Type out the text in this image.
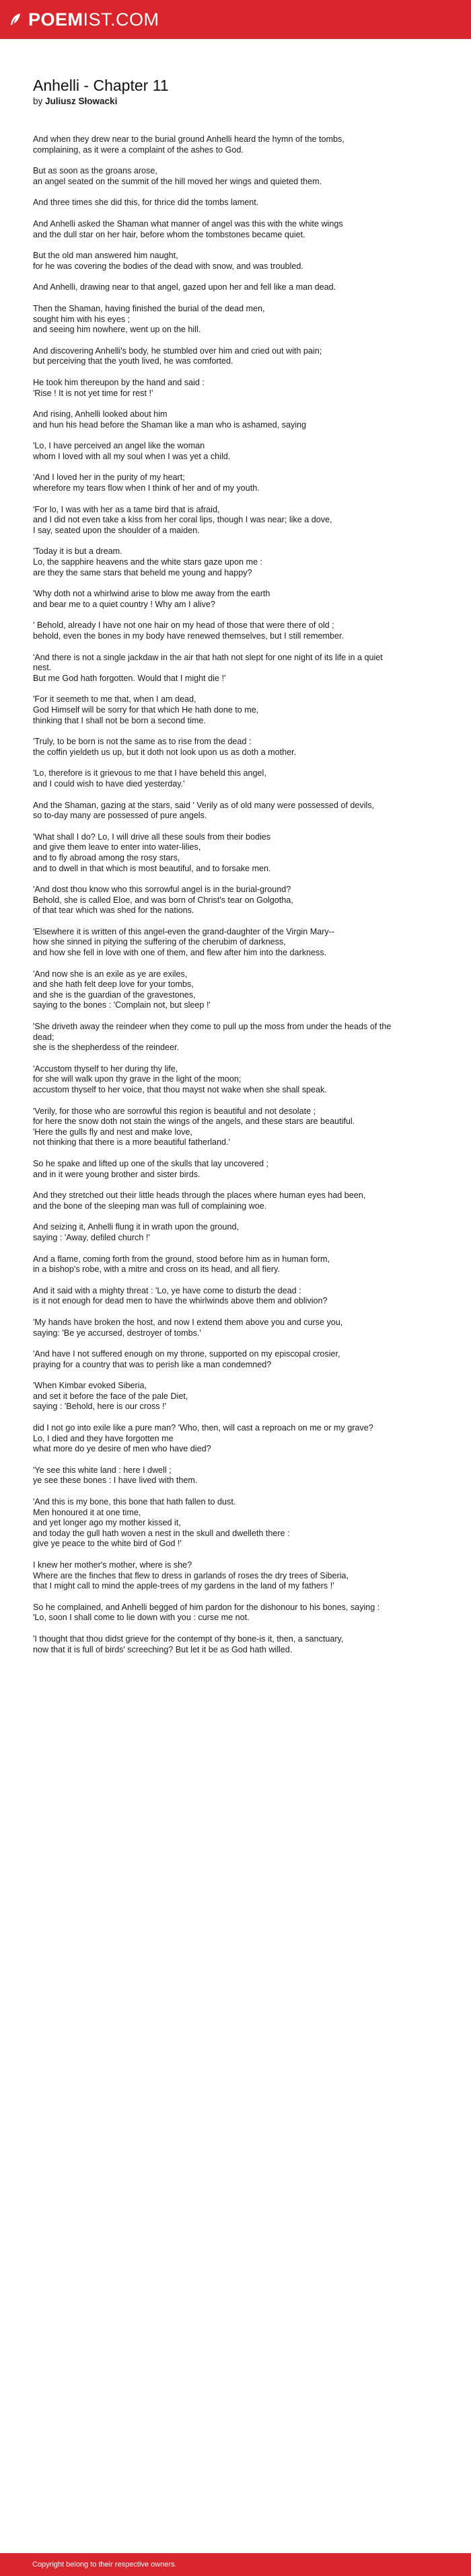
POEMIST.COM
Anhelli - Chapter 11

by Juliusz Słowacki

And when they drew near to the burial ground Anhelli heard the hymn of the tombs,
complaining, as it were a complaint of the ashes to God.

But as soon as the groans arose,
an angel seated on the summit of the hill moved her wings and quieted them.

And three times she did this, for thrice did the tombs lament.

And Anhelli asked the Shaman what manner of angel was this with the white wings
and the dull star on her hair, before whom the tombstones became quiet.

But the old man answered him naught,
for he was covering the bodies of the dead with snow, and was troubled.

And Anhelli, drawing near to that angel, gazed upon her and fell like a man dead.

Then the Shaman, having finished the burial of the dead men,
sought him with his eyes ;
and seeing him nowhere, went up on the hill.

And discovering Anhelli's body, he stumbled over him and cried out with pain;
but perceiving that the youth lived, he was comforted.

He took him thereupon by the hand and said :
'Rise ! It is not yet time for rest !'

And rising, Anhelli looked about him
and hun his head before the Shaman like a man who is ashamed, saying

'Lo, I have perceived an angel like the woman
whom I loved with all my soul when I was yet a child.

'And I loved her in the purity of my heart;
wherefore my tears flow when I think of her and of my youth.

'For lo, I was with her as a tame bird that is afraid,
and I did not even take a kiss from her coral lips, though I was near; like a dove,
I say, seated upon the shoulder of a maiden.

'Today it is but a dream.
Lo, the sapphire heavens and the white stars gaze upon me :
are they the same stars that beheld me young and happy?

'Why doth not a whirlwind arise to blow me away from the earth
and bear me to a quiet country ! Why am I alive?

' Behold, already I have not one hair on my head of those that were there of old ;
behold, even the bones in my body have renewed themselves, but I still remember.

'And there is not a single jackdaw in the air that hath not slept for one night of its life in a quiet nest.
But me God hath forgotten. Would that I might die !'

'For it seemeth to me that, when I am dead,
God Himself will be sorry for that which He hath done to me,
thinking that I shall not be born a second time.

'Truly, to be born is not the same as to rise from the dead :
the coffin yieldeth us up, but it doth not look upon us as doth a mother.

'Lo, therefore is it grievous to me that I have beheld this angel,
and I could wish to have died yesterday.'

And the Shaman, gazing at the stars, said ' Verily as of old many were possessed of devils,
so to-day many are possessed of pure angels.

'What shall I do? Lo, I will drive all these souls from their bodies
and give them leave to enter into water-lilies,
and to fly abroad among the rosy stars,
and to dwell in that which is most beautiful, and to forsake men.

'And dost thou know who this sorrowful angel is in the burial-ground?
Behold, she is called Eloe, and was born of Christ's tear on Golgotha,
of that tear which was shed for the nations.

'Elsewhere it is written of this angel-even the grand-daughter of the Virgin Mary--
how she sinned in pitying the suffering of the cherubim of darkness,
and how she fell in love with one of them, and flew after him into the darkness.

'And now she is an exile as ye are exiles,
and she hath felt deep love for your tombs,
and she is the guardian of the gravestones,
saying to the bones : 'Complain not, but sleep !'

'She driveth away the reindeer when they come to pull up the moss from under the heads of the dead;
she is the shepherdess of the reindeer.

'Accustom thyself to her during thy life,
for she will walk upon thy grave in the light of the moon;
accustom thyself to her voice, that thou mayst not wake when she shall speak.

'Verily, for those who are sorrowful this region is beautiful and not desolate ;
for here the snow doth not stain the wings of the angels, and these stars are beautiful.
'Here the gulls fly and nest and make love,
not thinking that there is a more beautiful fatherland.'

So he spake and lifted up one of the skulls that lay uncovered ;
and in it were young brother and sister birds.

And they stretched out their little heads through the places where human eyes had been,
and the bone of the sleeping man was full of complaining woe.

And seizing it, Anhelli flung it in wrath upon the ground,
saying : 'Away, defiled church !'

And a flame, coming forth from the ground, stood before him as in human form,
in a bishop's robe, with a mitre and cross on its head, and all fiery.

And it said with a mighty threat : 'Lo, ye have come to disturb the dead :
is it not enough for dead men to have the whirlwinds above them and oblivion?

'My hands have broken the host, and now I extend them above you and curse you,
saying: 'Be ye accursed, destroyer of tombs.'

'And have I not suffered enough on my throne, supported on my episcopal crosier,
praying for a country that was to perish like a man condemned?

'When Kimbar evoked Siberia,
and set it before the face of the pale Diet,
saying : 'Behold, here is our cross !'

did I not go into exile like a pure man? 'Who, then, will cast a reproach on me or my grave?
Lo, I died and they have forgotten me
what more do ye desire of men who have died?

'Ye see this white land : here I dwell ;
ye see these bones : I have lived with them.

'And this is my bone, this bone that hath fallen to dust.
Men honoured it at one time,
and yet longer ago my mother kissed it,
and today the gull hath woven a nest in the skull and dwelleth there :
give ye peace to the white bird of God !'

I knew her mother's mother, where is she?
Where are the finches that flew to dress in garlands of roses the dry trees of Siberia,
that I might call to mind the apple-trees of my gardens in the land of my fathers !'

So he complained, and Anhelli begged of him pardon for the dishonour to his bones, saying :
'Lo, soon I shall come to lie down with you : curse me not.

'I thought that thou didst grieve for the contempt of thy bone-is it, then, a sanctuary,
now that it is full of birds' screeching? But let it be as God hath willed.

Copyright belong to their respective owners.
